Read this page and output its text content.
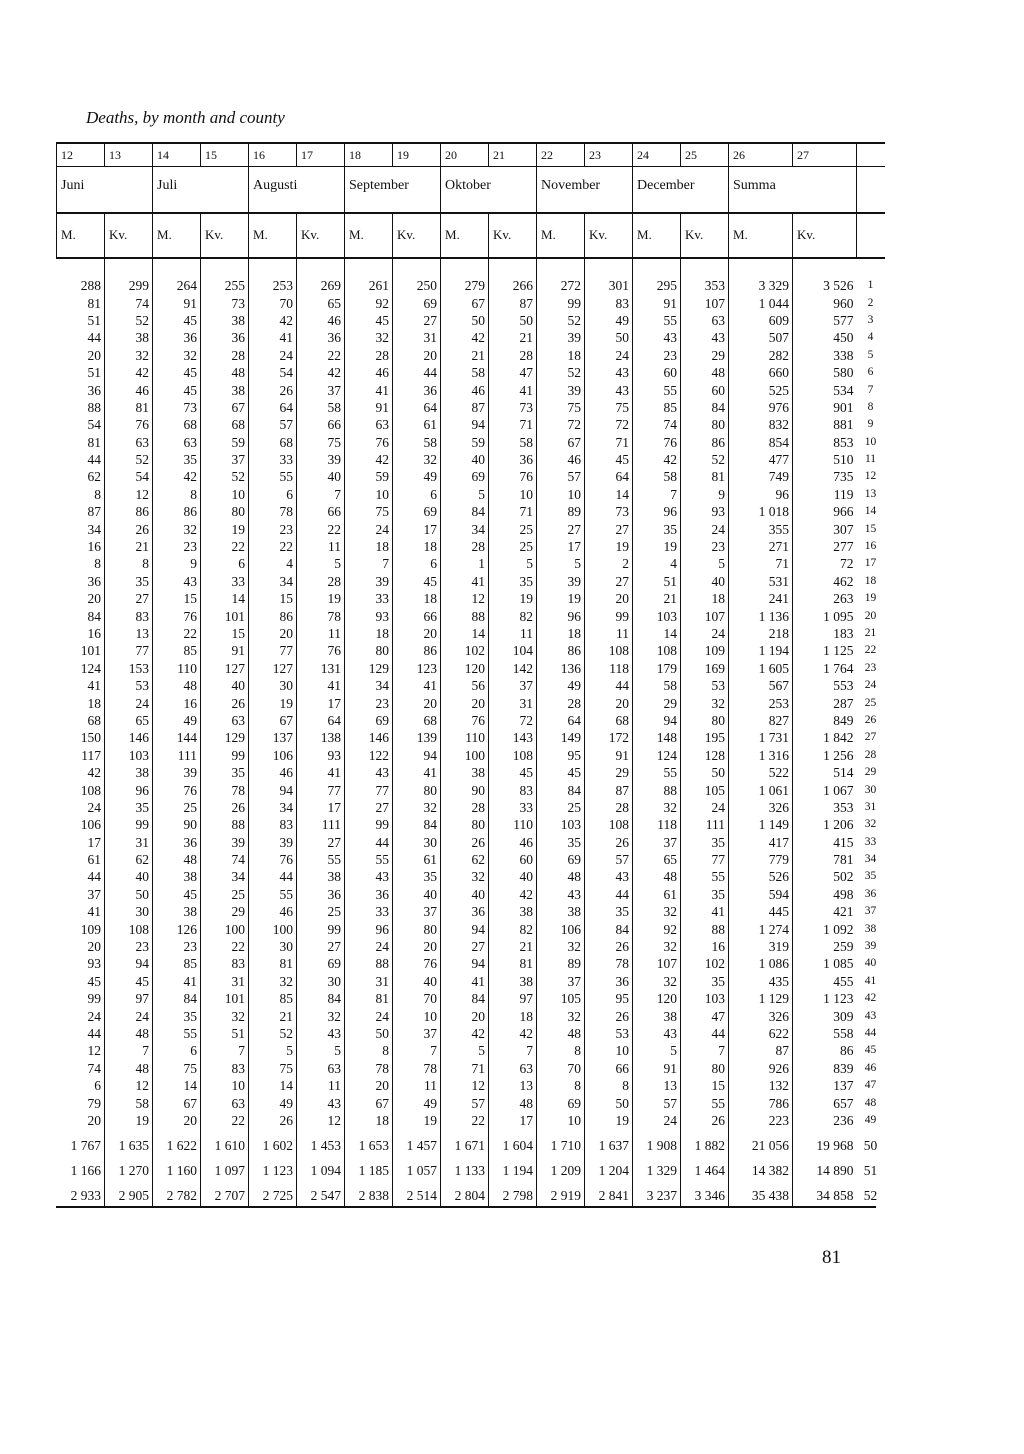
Deaths, by month and county
12	13	14	15	16	17	18	19	20	21	22	23	24	25	26	27	
Juni		Juli		Augusti		September		Oktober		November		December		Summa		
M.	Kv.	M.	Kv.	M.	Kv.	M.	Kv.	M.	Kv.	M.	Kv.	M.	Kv.	M.	Kv.	
288	299	264	255	253	269	261	250	279	266	272	301	295	353	3 329	3 526	1
81	74	91	73	70	65	92	69	67	87	99	83	91	107	1 044	960	2
51	52	45	38	42	46	45	27	50	50	52	49	55	63	609	577	3
44	38	36	36	41	36	32	31	42	21	39	50	43	43	507	450	4
20	32	32	28	24	22	28	20	21	28	18	24	23	29	282	338	5
51	42	45	48	54	42	46	44	58	47	52	43	60	48	660	580	6
36	46	45	38	26	37	41	36	46	41	39	43	55	60	525	534	7
88	81	73	67	64	58	91	64	87	73	75	75	85	84	976	901	8
54	76	68	68	57	66	63	61	94	71	72	72	74	80	832	881	9
81	63	63	59	68	75	76	58	59	58	67	71	76	86	854	853	10
44	52	35	37	33	39	42	32	40	36	46	45	42	52	477	510	11
62	54	42	52	55	40	59	49	69	76	57	64	58	81	749	735	12
8	12	8	10	6	7	10	6	5	10	10	14	7	9	96	119	13
87	86	86	80	78	66	75	69	84	71	89	73	96	93	1 018	966	14
34	26	32	19	23	22	24	17	34	25	27	27	35	24	355	307	15
16	21	23	22	22	11	18	18	28	25	17	19	19	23	271	277	16
8	8	9	6	4	5	7	6	1	5	5	2	4	5	71	72	17
36	35	43	33	34	28	39	45	41	35	39	27	51	40	531	462	18
20	27	15	14	15	19	33	18	12	19	19	20	21	18	241	263	19
84	83	76	101	86	78	93	66	88	82	96	99	103	107	1 136	1 095	20
16	13	22	15	20	11	18	20	14	11	18	11	14	24	218	183	21
101	77	85	91	77	76	80	86	102	104	86	108	108	109	1 194	1 125	22
124	153	110	127	127	131	129	123	120	142	136	118	179	169	1 605	1 764	23
41	53	48	40	30	41	34	41	56	37	49	44	58	53	567	553	24
18	24	16	26	19	17	23	20	20	31	28	20	29	32	253	287	25
68	65	49	63	67	64	69	68	76	72	64	68	94	80	827	849	26
150	146	144	129	137	138	146	139	110	143	149	172	148	195	1 731	1 842	27
117	103	111	99	106	93	122	94	100	108	95	91	124	128	1 316	1 256	28
42	38	39	35	46	41	43	41	38	45	45	29	55	50	522	514	29
108	96	76	78	94	77	77	80	90	83	84	87	88	105	1 061	1 067	30
24	35	25	26	34	17	27	32	28	33	25	28	32	24	326	353	31
106	99	90	88	83	111	99	84	80	110	103	108	118	111	1 149	1 206	32
17	31	36	39	39	27	44	30	26	46	35	26	37	35	417	415	33
61	62	48	74	76	55	55	61	62	60	69	57	65	77	779	781	34
44	40	38	34	44	38	43	35	32	40	48	43	48	55	526	502	35
37	50	45	25	55	36	36	40	40	42	43	44	61	35	594	498	36
41	30	38	29	46	25	33	37	36	38	38	35	32	41	445	421	37
109	108	126	100	100	99	96	80	94	82	106	84	92	88	1 274	1 092	38
20	23	23	22	30	27	24	20	27	21	32	26	32	16	319	259	39
93	94	85	83	81	69	88	76	94	81	89	78	107	102	1 086	1 085	40
45	45	41	31	32	30	31	40	41	38	37	36	32	35	435	455	41
99	97	84	101	85	84	81	70	84	97	105	95	120	103	1 129	1 123	42
24	24	35	32	21	32	24	10	20	18	32	26	38	47	326	309	43
44	48	55	51	52	43	50	37	42	42	48	53	43	44	622	558	44
12	7	6	7	5	5	8	7	5	7	8	10	5	7	87	86	45
74	48	75	83	75	63	78	78	71	63	70	66	91	80	926	839	46
6	12	14	10	14	11	20	11	12	13	8	8	13	15	132	137	47
79	58	67	63	49	43	67	49	57	48	69	50	57	55	786	657	48
20	19	20	22	26	12	18	19	22	17	10	19	24	26	223	236	49
1 767	1 635	1 622	1 610	1 602	1 453	1 653	1 457	1 671	1 604	1 710	1 637	1 908	1 882	21 056	19 968	50
1 166	1 270	1 160	1 097	1 123	1 094	1 185	1 057	1 133	1 194	1 209	1 204	1 329	1 464	14 382	14 890	51
2 933	2 905	2 782	2 707	2 725	2 547	2 838	2 514	2 804	2 798	2 919	2 841	3 237	3 346	35 438	34 858	52
81
